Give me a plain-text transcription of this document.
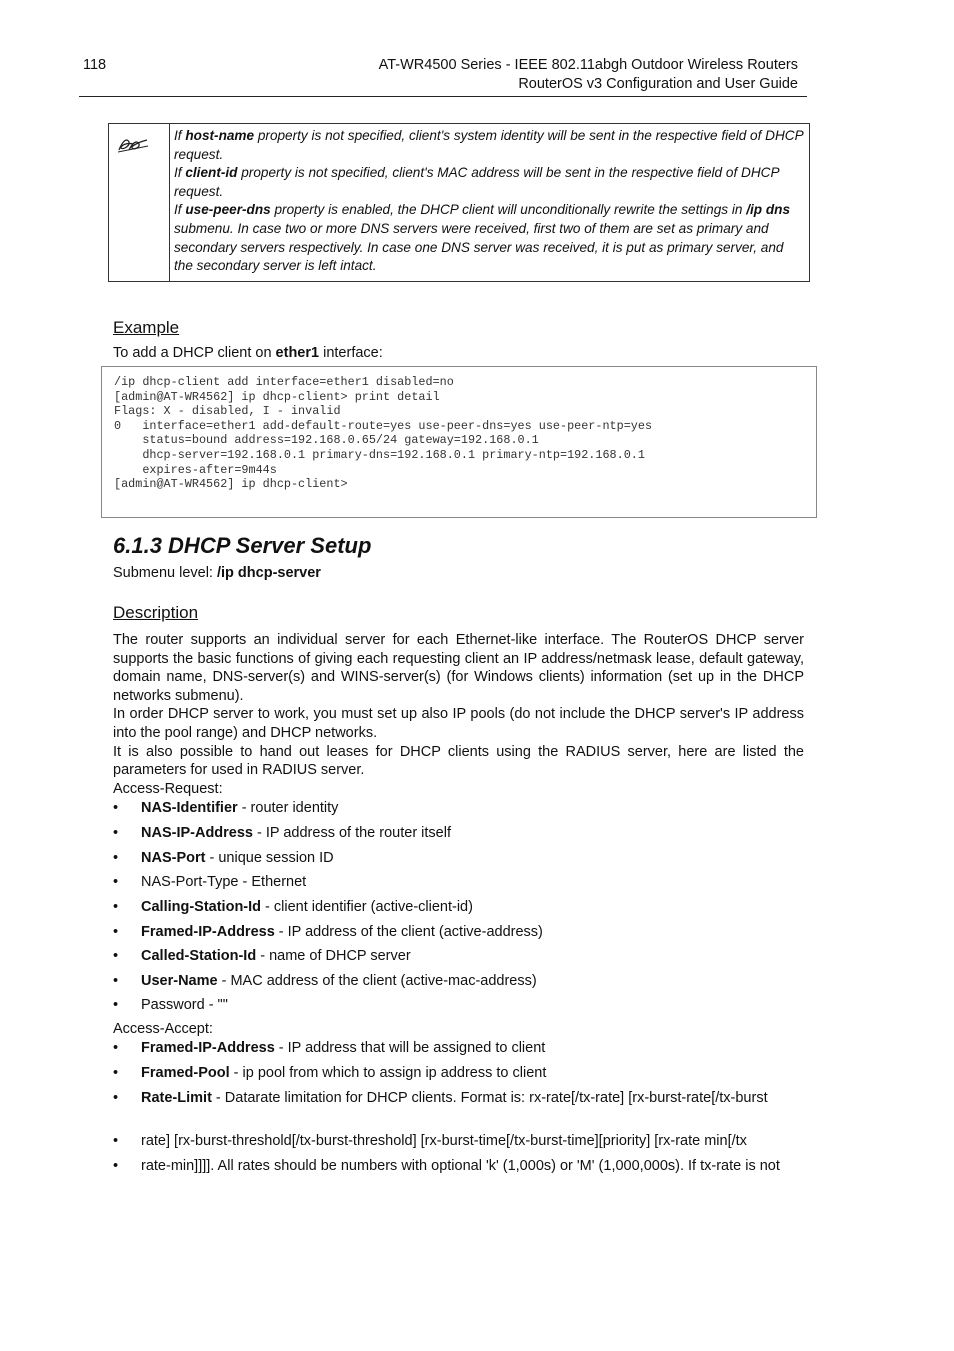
118	AT-WR4500 Series - IEEE 802.11abgh Outdoor Wireless Routers
RouterOS v3 Configuration and User Guide
If host-name property is not specified, client's system identity will be sent in the respective field of DHCP request.
If client-id property is not specified, client's MAC address will be sent in the respective field of DHCP request.
If use-peer-dns property is enabled, the DHCP client will unconditionally rewrite the settings in /ip dns submenu. In case two or more DNS servers were received, first two of them are set as primary and secondary servers respectively. In case one DNS server was received, it is put as primary server, and the secondary server is left intact.
Example
To add a DHCP client on ether1 interface:
/ip dhcp-client add interface=ether1 disabled=no
[admin@AT-WR4562] ip dhcp-client> print detail
Flags: X - disabled, I - invalid
0   interface=ether1 add-default-route=yes use-peer-dns=yes use-peer-ntp=yes
status=bound address=192.168.0.65/24 gateway=192.168.0.1
dhcp-server=192.168.0.1 primary-dns=192.168.0.1 primary-ntp=192.168.0.1
expires-after=9m44s
[admin@AT-WR4562] ip dhcp-client>
6.1.3 DHCP Server Setup
Submenu level: /ip dhcp-server
Description

The router supports an individual server for each Ethernet-like interface. The RouterOS DHCP server supports the basic functions of giving each requesting client an IP address/netmask lease, default gateway, domain name, DNS-server(s) and WINS-server(s) (for Windows clients) information (set up in the DHCP networks submenu).

In order DHCP server to work, you must set up also IP pools (do not include the DHCP server's IP address into the pool range) and DHCP networks.

It is also possible to hand out leases for DHCP clients using the RADIUS server, here are listed the parameters for used in RADIUS server.

Access-Request:
• NAS-Identifier - router identity
• NAS-IP-Address - IP address of the router itself
• NAS-Port - unique session ID
• NAS-Port-Type - Ethernet
• Calling-Station-Id - client identifier (active-client-id)
• Framed-IP-Address - IP address of the client (active-address)
• Called-Station-Id - name of DHCP server
• User-Name - MAC address of the client (active-mac-address)
• Password - ""
Access-Accept:
• Framed-IP-Address - IP address that will be assigned to client
• Framed-Pool - ip pool from which to assign ip address to client
• Rate-Limit - Datarate limitation for DHCP clients. Format is: rx-rate[/tx-rate] [rx-burst-rate[/tx-burst
• rate] [rx-burst-threshold[/tx-burst-threshold] [rx-burst-time[/tx-burst-time][priority] [rx-rate min[/tx
• rate-min]]]]. All rates should be numbers with optional 'k' (1,000s) or 'M' (1,000,000s). If tx-rate is not
